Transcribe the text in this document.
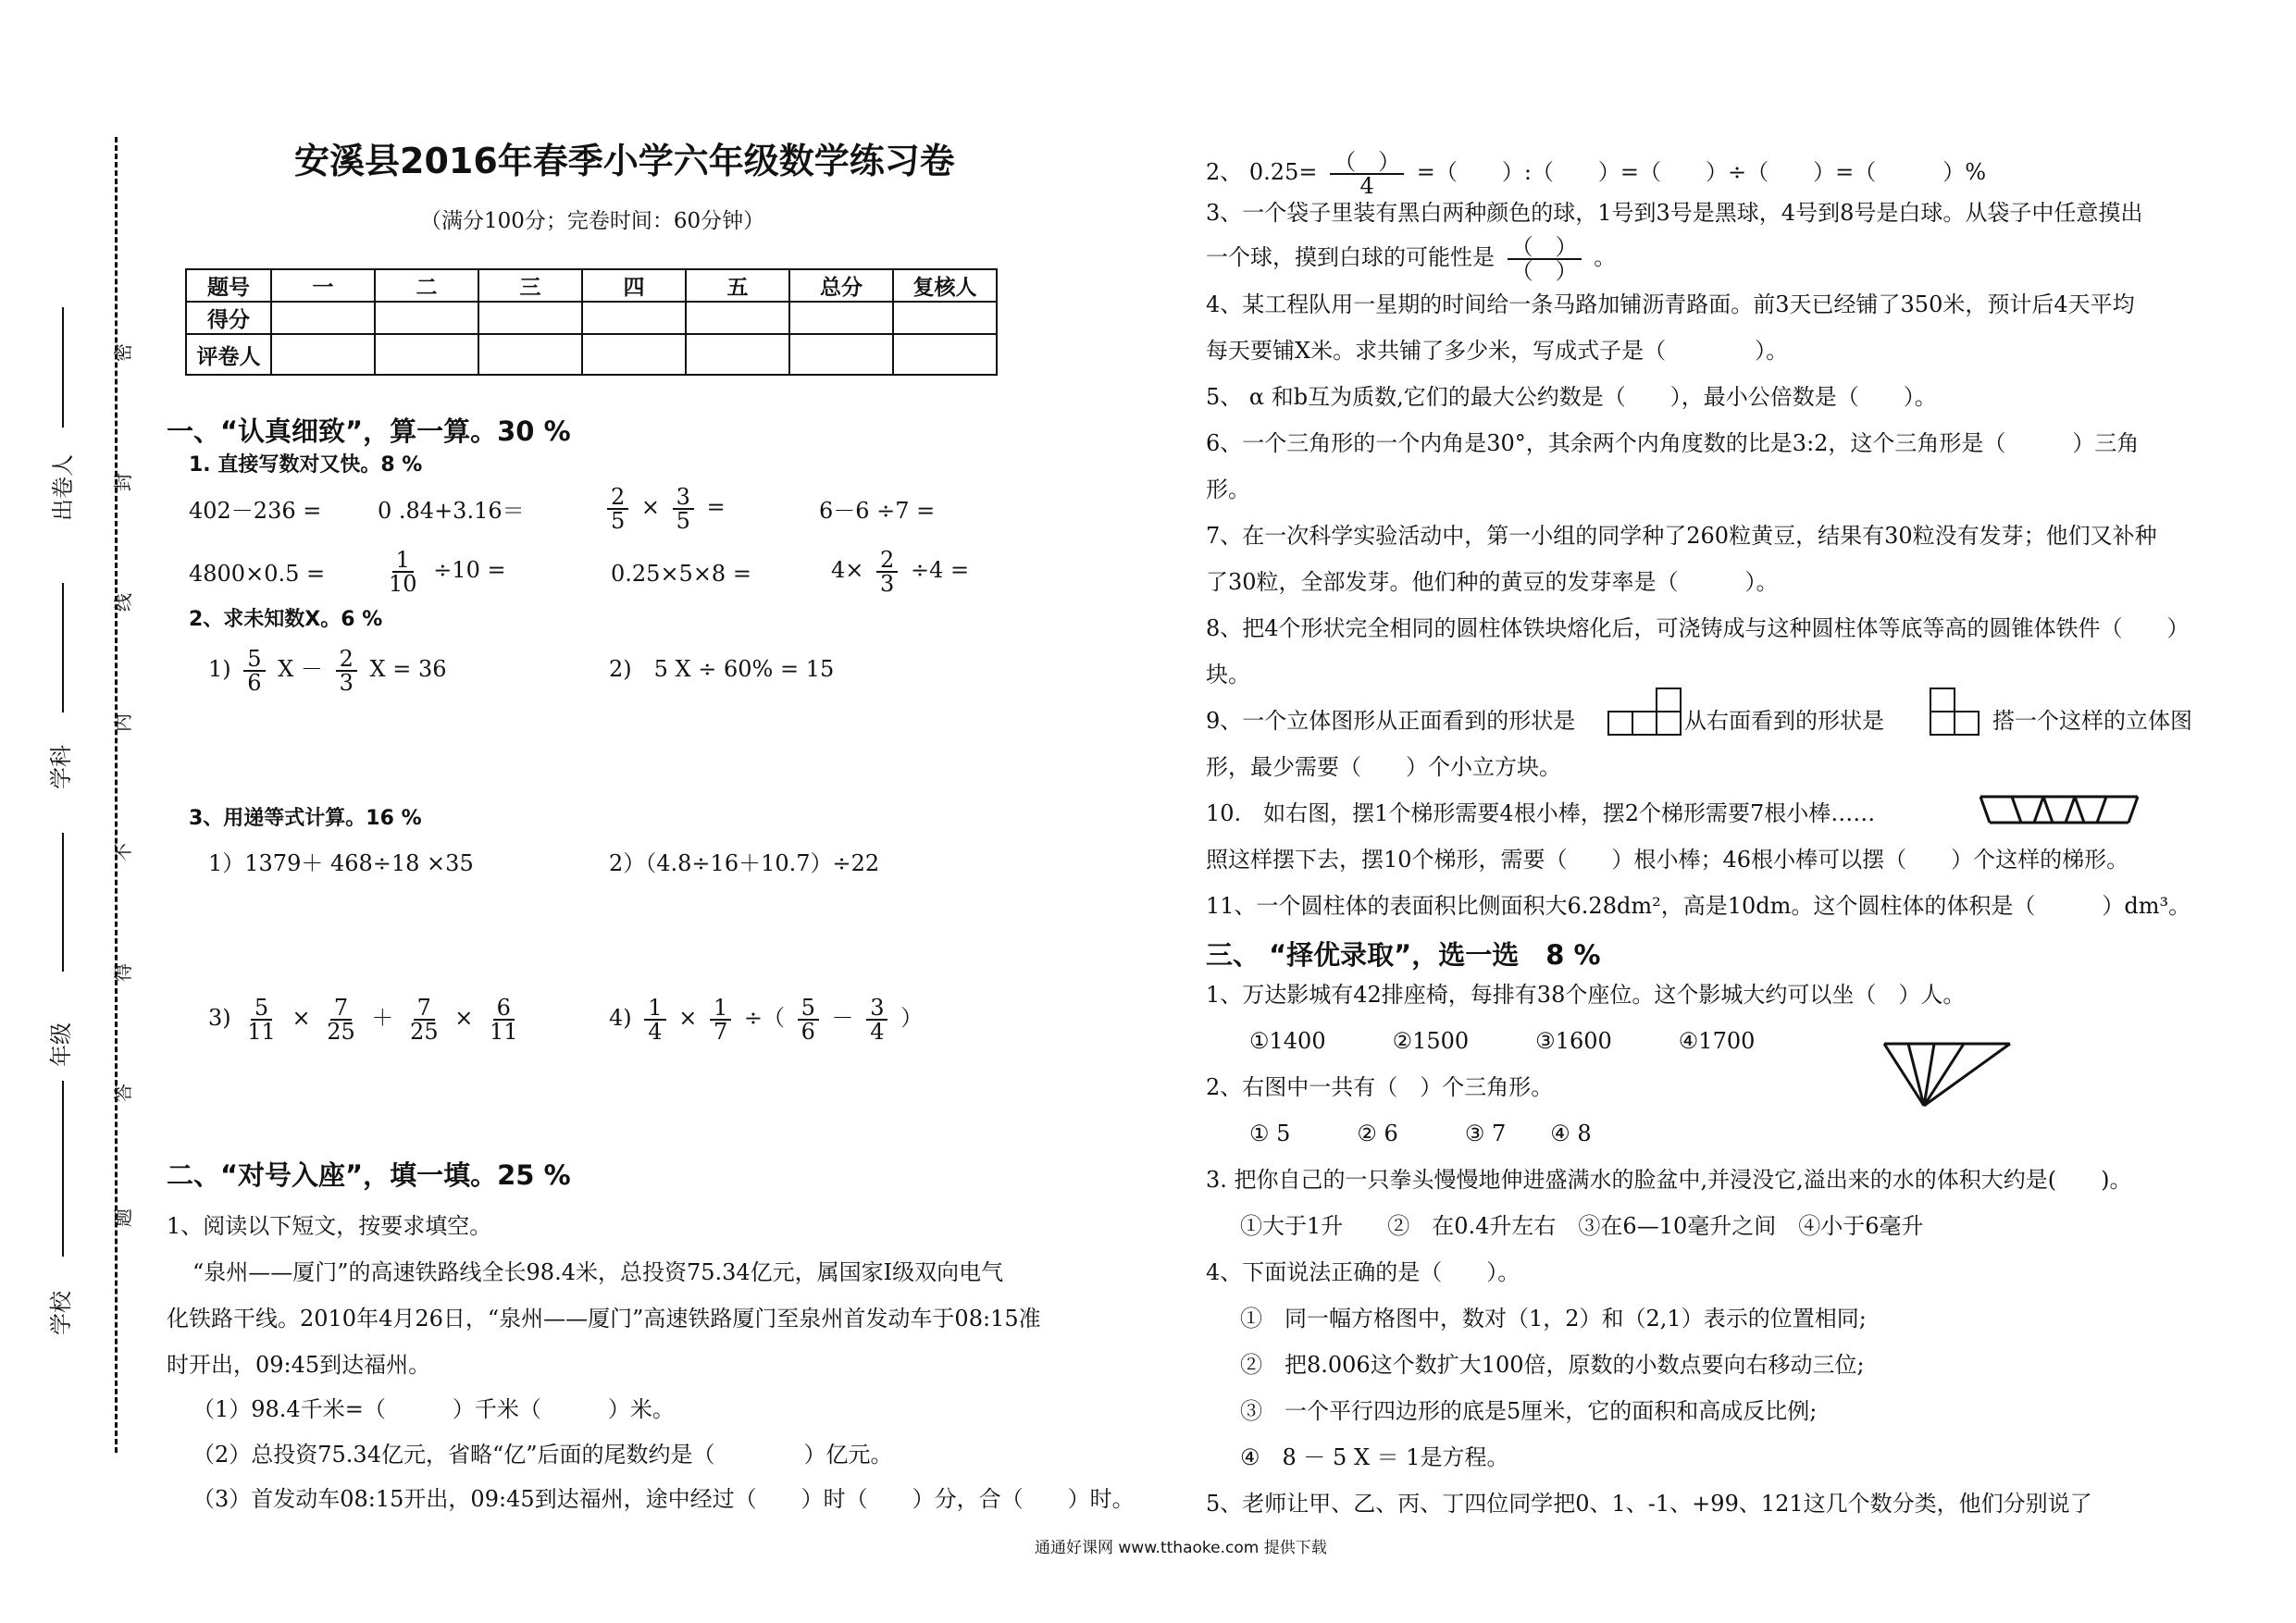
出卷人
学科
年级
学校
密
封
线
内
不
得
答
题
安溪县2016年春季小学六年级数学练习卷
（满分100分；完卷时间：60分钟）
题号	一	二	三	四	五	总分	复核人
得分							
评卷人							
一、“认真细致”，算一算。30 %
1. 直接写数对又快。8 %
402－236 =	0 .84+3.16＝	$\frac{2}{5} \times \frac{3}{5}$ =	6－6 ÷7 =
4800×0.5 =	$\frac{1}{10} \div 10$ =	0.25×5×8 =	$4\times \frac{2}{3} \div 4$ =
2、求未知数X。6 %
$1) \frac{5}{6}$ $X - \frac{2}{3}$ X = 36	2)　5 X ÷ 60% = 15
3、用递等式计算。16 %
1）1379＋ 468÷18 ×35	2）（4.8÷16＋10.7）÷22
$3) \frac{5}{11} \times \frac{7}{25} + \frac{7}{25} \times \frac{6}{11}$	$4) \frac{1}{4} \times \frac{1}{7}$ ÷（ $\frac{5}{6} - \frac{3}{4}$ ）
二、“对号入座”，填一填。25 %
1、阅读以下短文，按要求填空。
“泉州——厦门”的高速铁路线全长98.4米，总投资75.34亿元，属国家I级双向电气
化铁路干线。2010年4月26日，“泉州——厦门”高速铁路厦门至泉州首发动车于08:15准
时开出，09:45到达福州。
（1）98.4千米=（　　　）千米（　　　）米。
（2）总投资75.34亿元，省略“亿”后面的尾数约是（　　　　）亿元。
（3）首发动车08:15开出，09:45到达福州，途中经过（　　）时（　　）分，合（　　）时。
2、 $0.25= \frac{( )}{4}$ =（　　）:（　　）=（　　）÷（　　）=（　　　）%
3、一个袋子里装有黑白两种颜色的球，1号到3号是黑球，4号到8号是白球。从袋子中任意摸出
一个球，摸到白球的可能性是 $\frac{( )}{( )}$ 。
4、某工程队用一星期的时间给一条马路加铺沥青路面。前3天已经铺了350米，预计后4天平均
每天要铺X米。求共铺了多少米，写成式子是（　　　　）。
5、 α 和b互为质数,它们的最大公约数是（　　），最小公倍数是（　　）。
6、一个三角形的一个内角是30°，其余两个内角度数的比是3:2，这个三角形是（　　　）三角
形。
7、在一次科学实验活动中，第一小组的同学种了260粒黄豆，结果有30粒没有发芽；他们又补种
了30粒，全部发芽。他们种的黄豆的发芽率是（　　　）。
8、把4个形状完全相同的圆柱体铁块熔化后，可浇铸成与这种圆柱体等底等高的圆锥体铁件（　　）
块。
9、一个立体图形从正面看到的形状是	从右面看到的形状是	搭一个这样的立体图
形，最少需要（　　）个小立方块。
10.　如右图，摆1个梯形需要4根小棒，摆2个梯形需要7根小棒……
照这样摆下去，摆10个梯形，需要（　　）根小棒；46根小棒可以摆（　　）个这样的梯形。
11、一个圆柱体的表面积比侧面积大6.28dm²，高是10dm。这个圆柱体的体积是（　　　）dm³。
三、 “择优录取”，选一选　8 %
1、万达影城有42排座椅，每排有38个座位。这个影城大约可以坐（　）人。
①1400　　　②1500　　　③1600　　　④1700
2、右图中一共有（　）个三角形。
① 5　　　② 6　　　③ 7　　④ 8
3. 把你自己的一只拳头慢慢地伸进盛满水的脸盆中,并浸没它,溢出来的水的体积大约是(　　)。
①大于1升　　②　在0.4升左右　③在6—10毫升之间　④小于6毫升
4、下面说法正确的是（　　）。
①　同一幅方格图中，数对（1，2）和（2,1）表示的位置相同;
②　把8.006这个数扩大100倍，原数的小数点要向右移动三位;
③　一个平行四边形的底是5厘米，它的面积和高成反比例;
④　8 － 5 X ＝ 1是方程。
5、老师让甲、乙、丙、丁四位同学把0、1、-1、+99、121这几个数分类，他们分别说了
通通好课网 www.tthaoke.com 提供下载
